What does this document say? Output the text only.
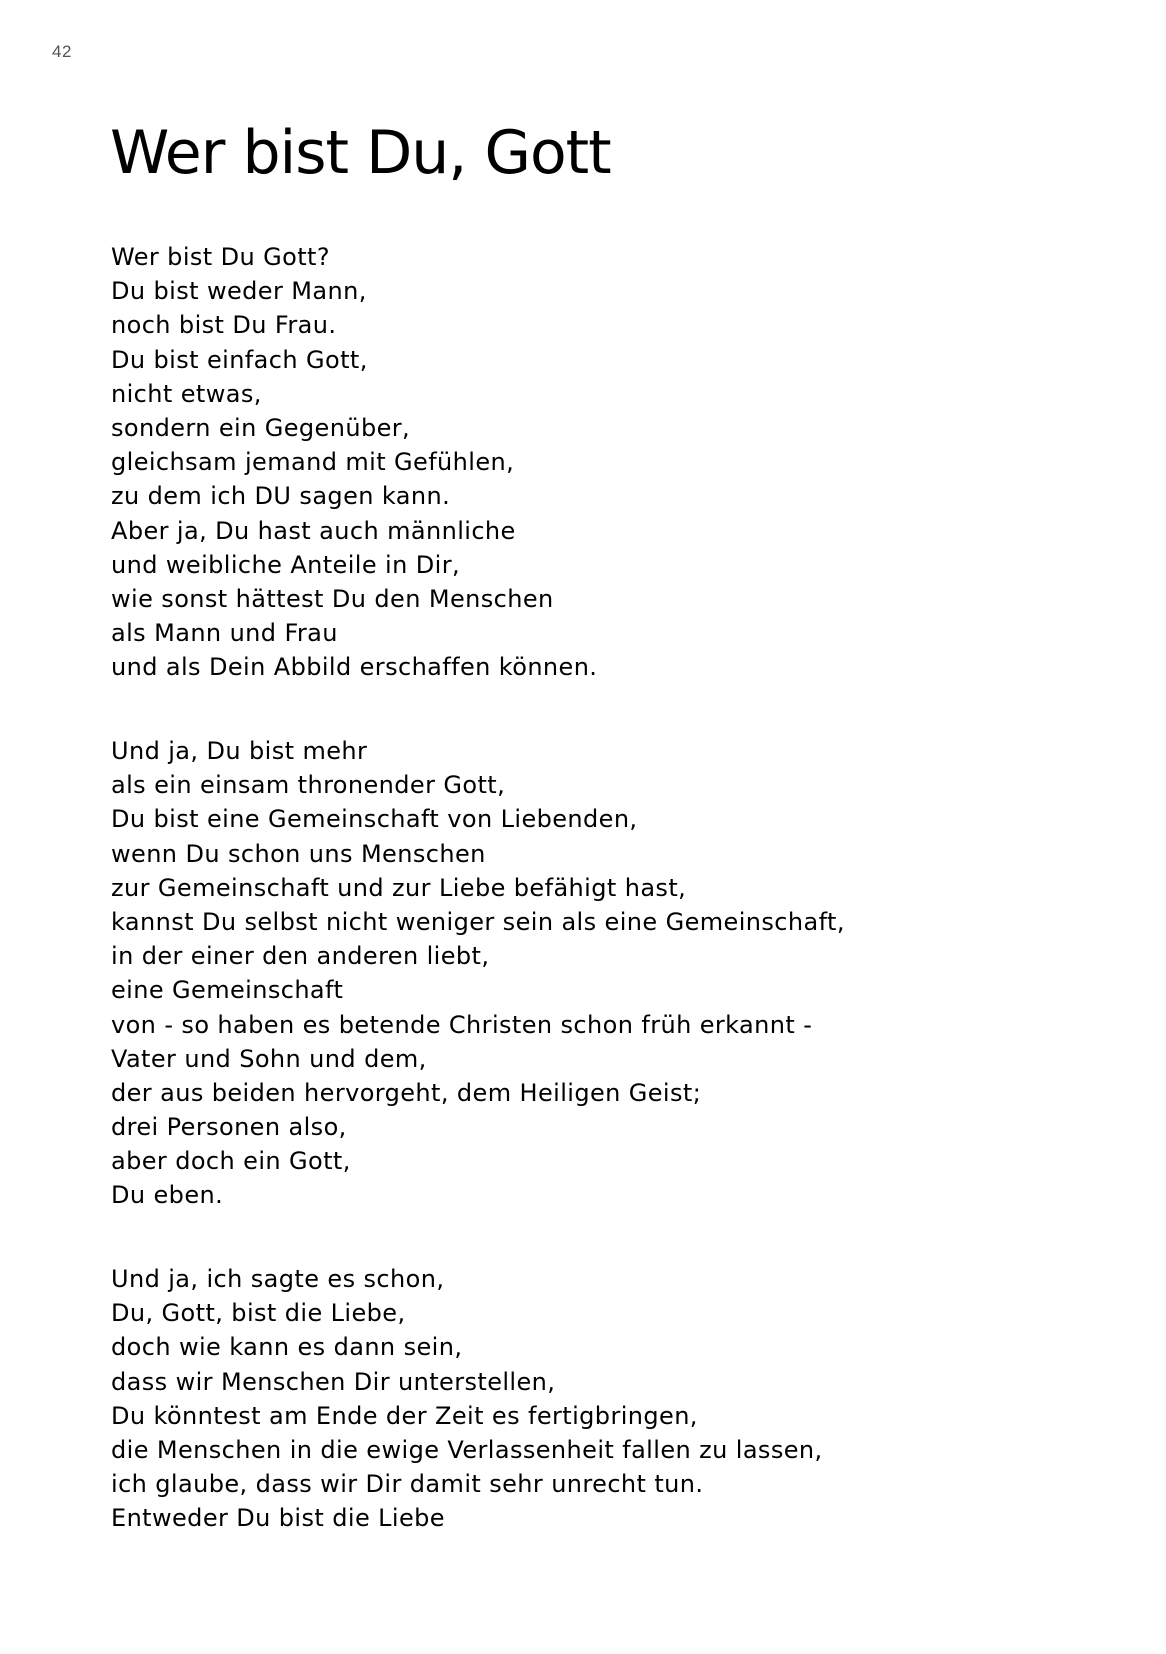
42
Wer bist Du, Gott
Wer bist Du Gott?
Du bist weder Mann,
noch bist Du Frau.
Du bist einfach Gott,
nicht etwas,
sondern ein Gegenüber,
gleichsam jemand mit Gefühlen,
zu dem ich DU sagen kann.
Aber ja, Du hast auch männliche
und weibliche Anteile in Dir,
wie sonst hättest Du den Menschen
als Mann und Frau
und als Dein Abbild erschaffen können.
Und ja, Du bist mehr
als ein einsam thronender Gott,
Du bist eine Gemeinschaft von Liebenden,
wenn Du schon uns Menschen
zur Gemeinschaft und zur Liebe befähigt hast,
kannst Du selbst nicht weniger sein als eine Gemeinschaft,
in der einer den anderen liebt,
eine Gemeinschaft
von - so haben es betende Christen schon früh erkannt -
Vater und Sohn und dem,
der aus beiden hervorgeht, dem Heiligen Geist;
drei Personen also,
aber doch ein Gott,
Du eben.
Und ja, ich sagte es schon,
Du, Gott, bist die Liebe,
doch wie kann es dann sein,
dass wir Menschen Dir unterstellen,
Du könntest am Ende der Zeit es fertigbringen,
die Menschen in die ewige Verlassenheit fallen zu lassen,
ich glaube, dass wir Dir damit sehr unrecht tun.
Entweder Du bist die Liebe
